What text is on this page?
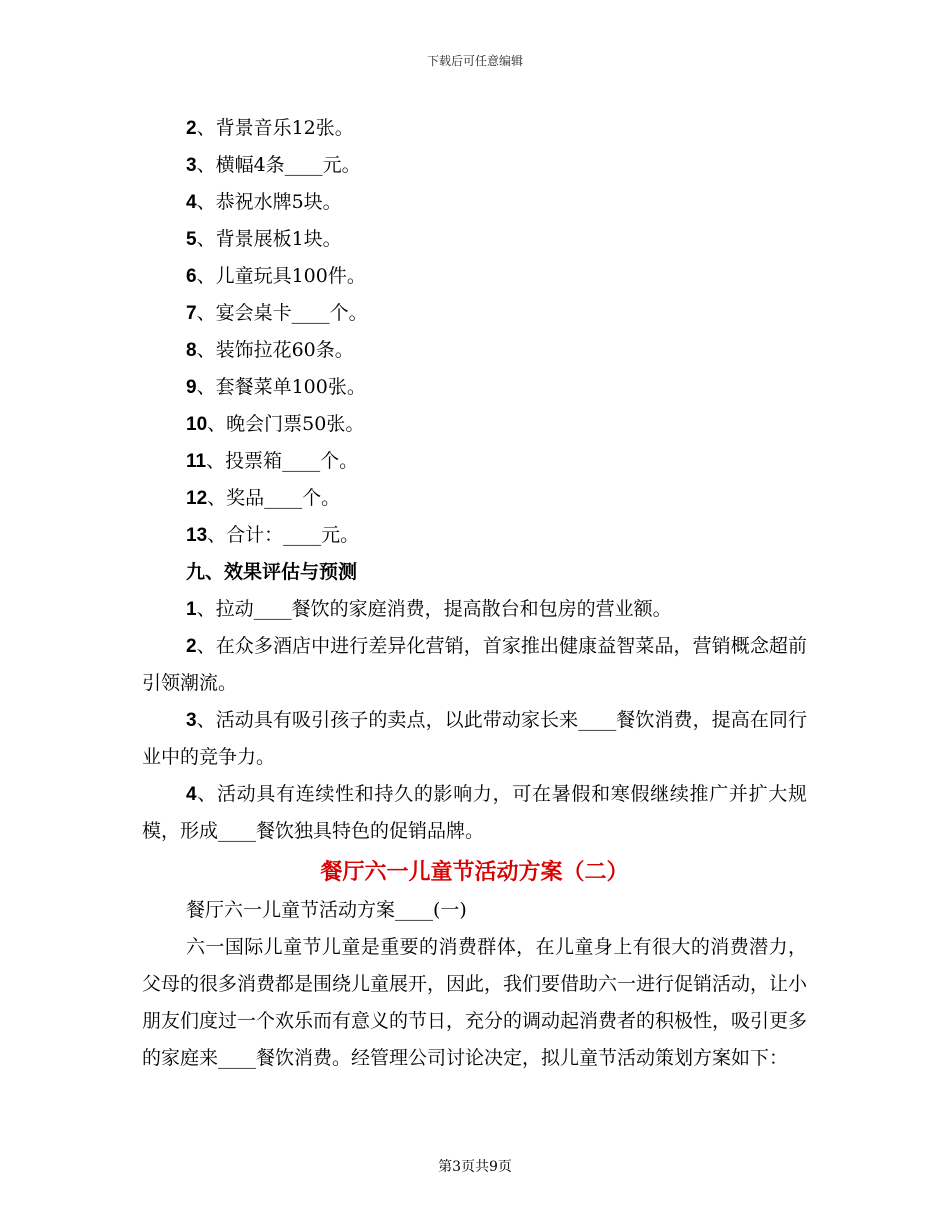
下载后可任意编辑
2、背景音乐12张。
3、横幅4条____元。
4、恭祝水牌5块。
5、背景展板1块。
6、儿童玩具100件。
7、宴会桌卡____个。
8、装饰拉花60条。
9、套餐菜单100张。
10、晚会门票50张。
11、投票箱____个。
12、奖品____个。
13、合计：____元。
九、效果评估与预测

1、拉动____餐饮的家庭消费，提高散台和包房的营业额。

2、在众多酒店中进行差异化营销，首家推出健康益智菜品，营销概念超前引领潮流。

3、活动具有吸引孩子的卖点，以此带动家长来____餐饮消费，提高在同行业中的竞争力。

4、活动具有连续性和持久的影响力，可在暑假和寒假继续推广并扩大规模，形成____餐饮独具特色的促销品牌。

餐厅六一儿童节活动方案（二）
餐厅六一儿童节活动方案____(一)

六一国际儿童节儿童是重要的消费群体，在儿童身上有很大的消费潜力，父母的很多消费都是围绕儿童展开，因此，我们要借助六一进行促销活动，让小朋友们度过一个欢乐而有意义的节日，充分的调动起消费者的积极性，吸引更多的家庭来____餐饮消费。经管理公司讨论决定，拟儿童节活动策划方案如下：

第3页共9页
